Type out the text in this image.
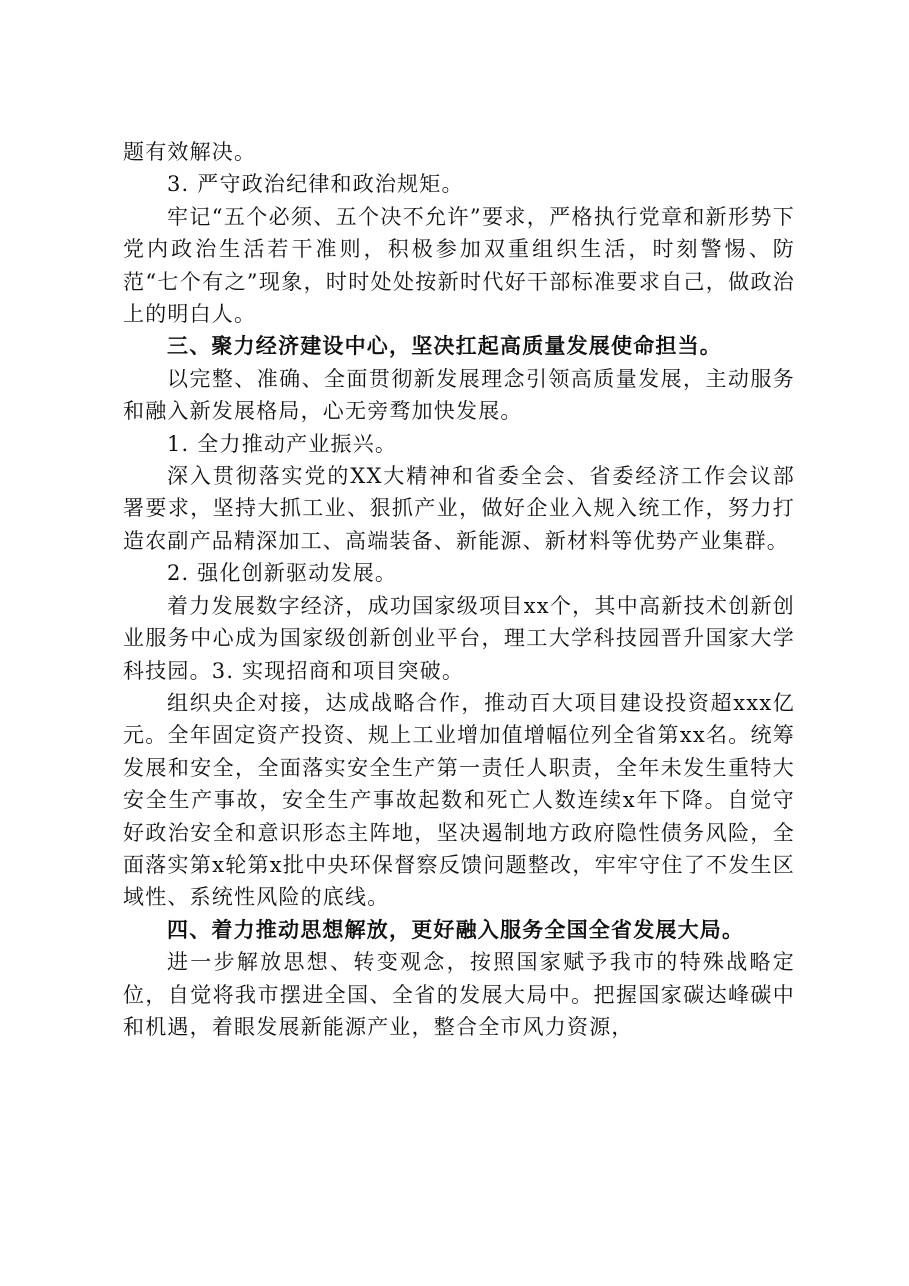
题有效解决。

3. 严守政治纪律和政治规矩。

牢记“五个必须、五个决不允许”要求，严格执行党章和新形势下党内政治生活若干准则，积极参加双重组织生活，时刻警惕、防范“七个有之”现象，时时处处按新时代好干部标准要求自己，做政治上的明白人。

三、聚力经济建设中心，坚决扛起高质量发展使命担当。

以完整、准确、全面贯彻新发展理念引领高质量发展，主动服务和融入新发展格局，心无旁骛加快发展。

1. 全力推动产业振兴。

深入贯彻落实党的XX大精神和省委全会、省委经济工作会议部署要求，坚持大抓工业、狠抓产业，做好企业入规入统工作，努力打造农副产品精深加工、高端装备、新能源、新材料等优势产业集群。

2. 强化创新驱动发展。

着力发展数字经济，成功国家级项目xx个，其中高新技术创新创业服务中心成为国家级创新创业平台，理工大学科技园晋升国家大学科技园。3. 实现招商和项目突破。

组织央企对接，达成战略合作，推动百大项目建设投资超xxx亿元。全年固定资产投资、规上工业增加值增幅位列全省第xx名。统筹发展和安全，全面落实安全生产第一责任人职责，全年未发生重特大安全生产事故，安全生产事故起数和死亡人数连续x年下降。自觉守好政治安全和意识形态主阵地，坚决遏制地方政府隐性债务风险，全面落实第x轮第x批中央环保督察反馈问题整改，牢牢守住了不发生区域性、系统性风险的底线。

四、着力推动思想解放，更好融入服务全国全省发展大局。

进一步解放思想、转变观念，按照国家赋予我市的特殊战略定位，自觉将我市摆进全国、全省的发展大局中。把握国家碳达峰碳中和机遇，着眼发展新能源产业，整合全市风力资源，
